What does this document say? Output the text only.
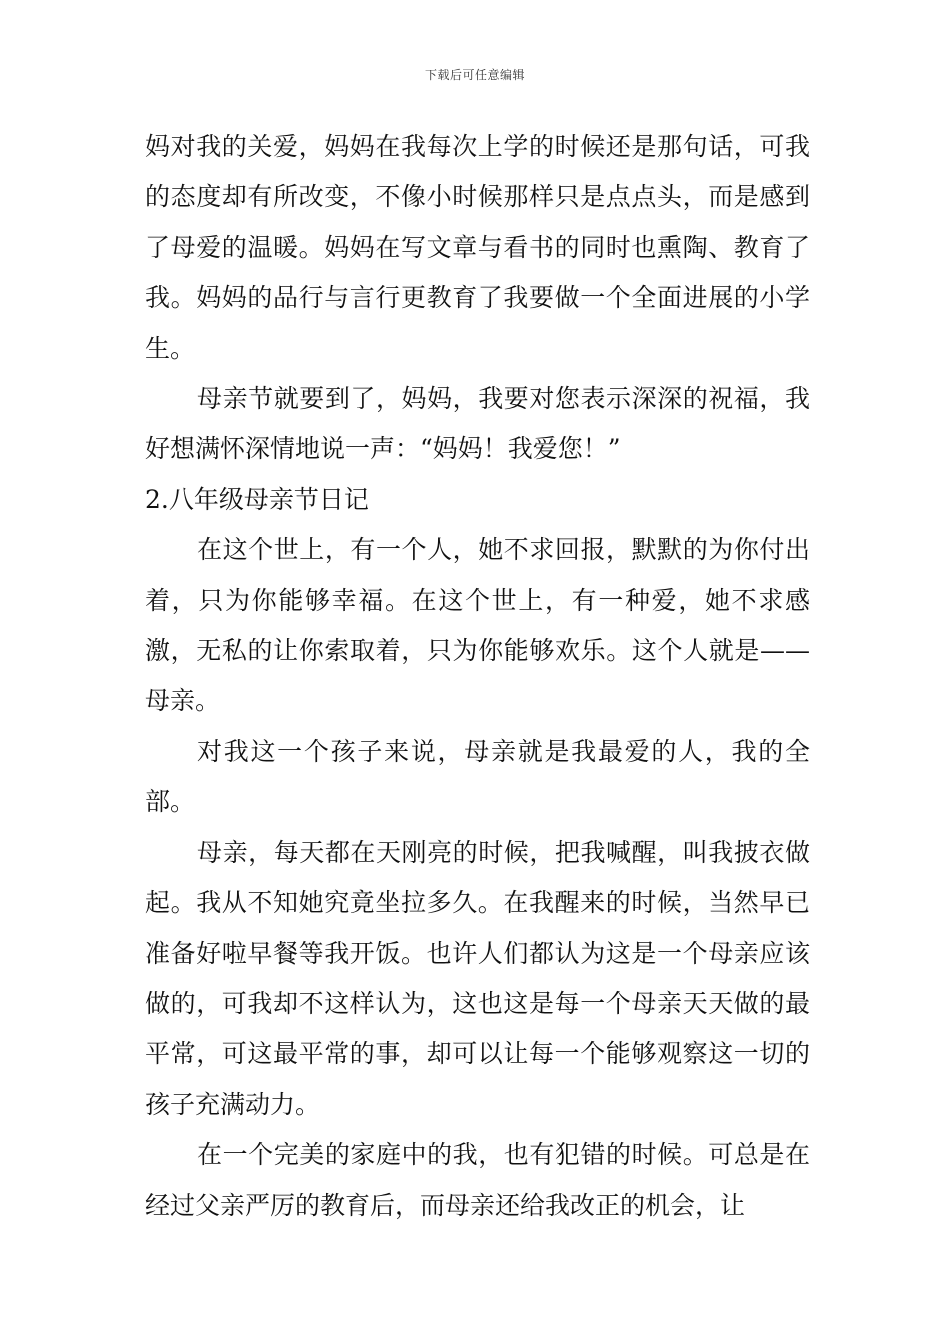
下载后可任意编辑

妈对我的关爱，妈妈在我每次上学的时候还是那句话，可我的态度却有所改变，不像小时候那样只是点点头，而是感到了母爱的温暖。妈妈在写文章与看书的同时也熏陶、教育了我。妈妈的品行与言行更教育了我要做一个全面进展的小学生。

母亲节就要到了，妈妈，我要对您表示深深的祝福，我好想满怀深情地说一声：“妈妈！我爱您！”

2.八年级母亲节日记

在这个世上，有一个人，她不求回报，默默的为你付出着，只为你能够幸福。在这个世上，有一种爱，她不求感激，无私的让你索取着，只为你能够欢乐。这个人就是——母亲。

对我这一个孩子来说，母亲就是我最爱的人，我的全部。

母亲，每天都在天刚亮的时候，把我喊醒，叫我披衣做起。我从不知她究竟坐拉多久。在我醒来的时候，当然早已准备好啦早餐等我开饭。也许人们都认为这是一个母亲应该做的，可我却不这样认为，这也这是每一个母亲天天做的最平常，可这最平常的事，却可以让每一个能够观察这一切的孩子充满动力。

在一个完美的家庭中的我，也有犯错的时候。可总是在经过父亲严厉的教育后，而母亲还给我改正的机会，让
